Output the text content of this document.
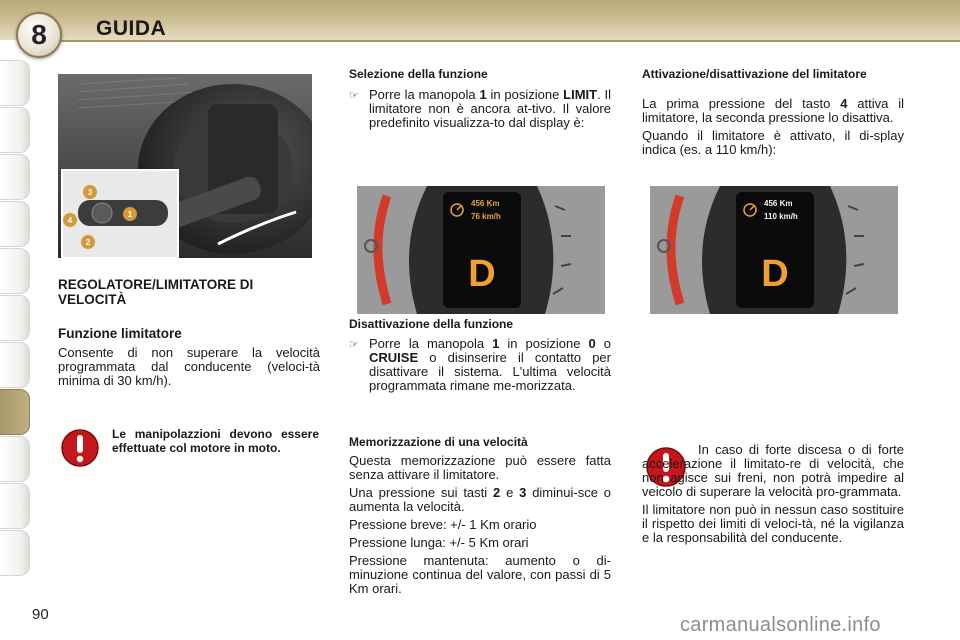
8	GUIDA
3
1
4
2
REGOLATORE/LIMITATORE DI
VELOCITÀ
Funzione limitatore
Consente di non superare la velocità programmata dal conducente (veloci-tà minima di 30 km/h).
Le manipolazzioni devono essere effettuate col motore in moto.
Selezione della funzione
☞ Porre la manopola 1 in posizione LIMIT. Il limitatore non è ancora at-tivo. Il valore predefinito visualizza-to dal display è:
456 Km
76 km/h
D
Disattivazione della funzione
☞ Porre la manopola 1 in posizione 0 o CRUISE o disinserire il contatto per disattivare il sistema. L'ultima velocità programmata rimane me-morizzata.
Memorizzazione di una velocità
Questa memorizzazione può essere fatta senza attivare il limitatore.
Una pressione sui tasti 2 e 3 diminui-sce o aumenta la velocità.
Pressione breve: +/- 1 Km orario
Pressione lunga: +/- 5 Km orari
Pressione mantenuta: aumento o di-minuzione continua del valore, con passi di 5 Km orari.
Attivazione/disattivazione del limitatore
La prima pressione del tasto 4 attiva il limitatore, la seconda pressione lo disattiva.
Quando il limitatore è attivato, il di-splay indica (es. a 110 km/h):
456 Km
110 km/h
D
In caso di forte discesa o di forte accelerazione il limitato-re di velocità, che non agisce sui freni, non potrà impedire al veicolo di superare la velocità pro-grammata.
Il limitatore non può in nessun caso sostituire il rispetto dei limiti di veloci-tà, né la vigilanza e la responsabilità del conducente.
90	carmanualsonline.info
